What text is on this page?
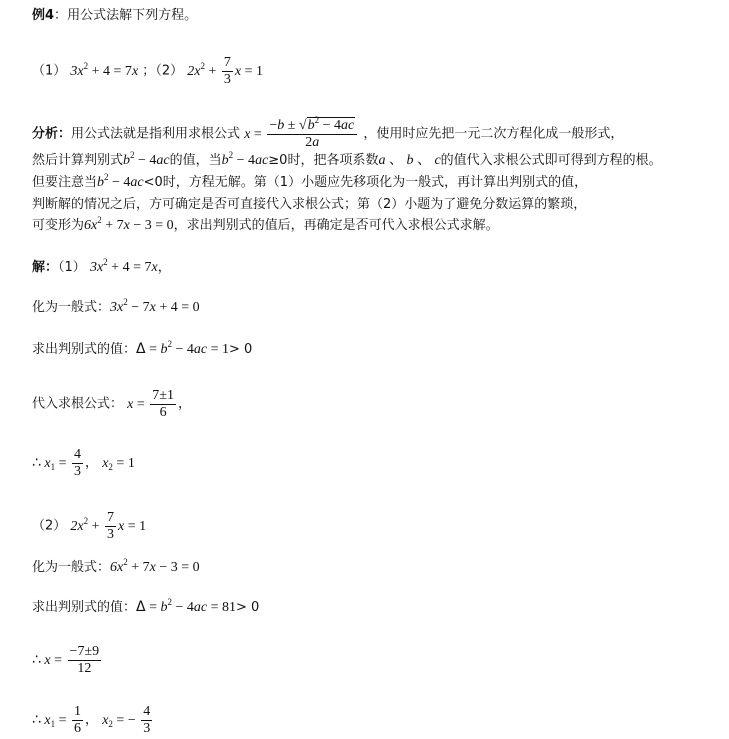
例4：用公式法解下列方程。
（1） $3x^2 + 4 = 7x$ ；（2） $2x^2 + \frac{7}{3}$ x = 1
分析：用公式法就是指利用求根公式 $x = \frac{-b \pm √b^2 - 4ac}{2a}$ ，使用时应先把一元二次方程化成一般形式，
然后计算判别式$b^2 - 4ac$的值，当$b^2 - 4ac\ge 0$时，把各项系数a 、 b 、 c的值代入求根公式即可得到方程的根。
但要注意当$b^2 - 4ac<0$时，方程无解。第（1）小题应先移项化为一般式，再计算出判别式的值，
判断解的情况之后，方可确定是否可直接代入求根公式；第（2）小题为了避免分数运算的繁琐，
可变形为$6x^2 + 7x - 3 = 0$，求出判别式的值后，再确定是否可代入求根公式求解。
解：（1） $3x^2 + 4 = 7x$，
化为一般式：$3x^2 - 7x + 4 = 0$
求出判别式的值：$\Delta = b^2 - 4ac = 1> 0$
代入求根公式： $x = \frac{7\pm 1}{6}$ ，
∴ $x_1 = \frac{4}{3}$ ， $x_2 = 1$
（2） $2x^2 + \frac{7}{3}$ x = 1
化为一般式：$6x^2 + 7x - 3 = 0$
求出判别式的值：$\Delta = b^2 - 4ac = 81> 0$
∴ $x = \frac{-7\pm 9}{12}$
∴ $x_1 = \frac{1}{6}$ ， $x_2$ = − $\frac{4}{3}$
